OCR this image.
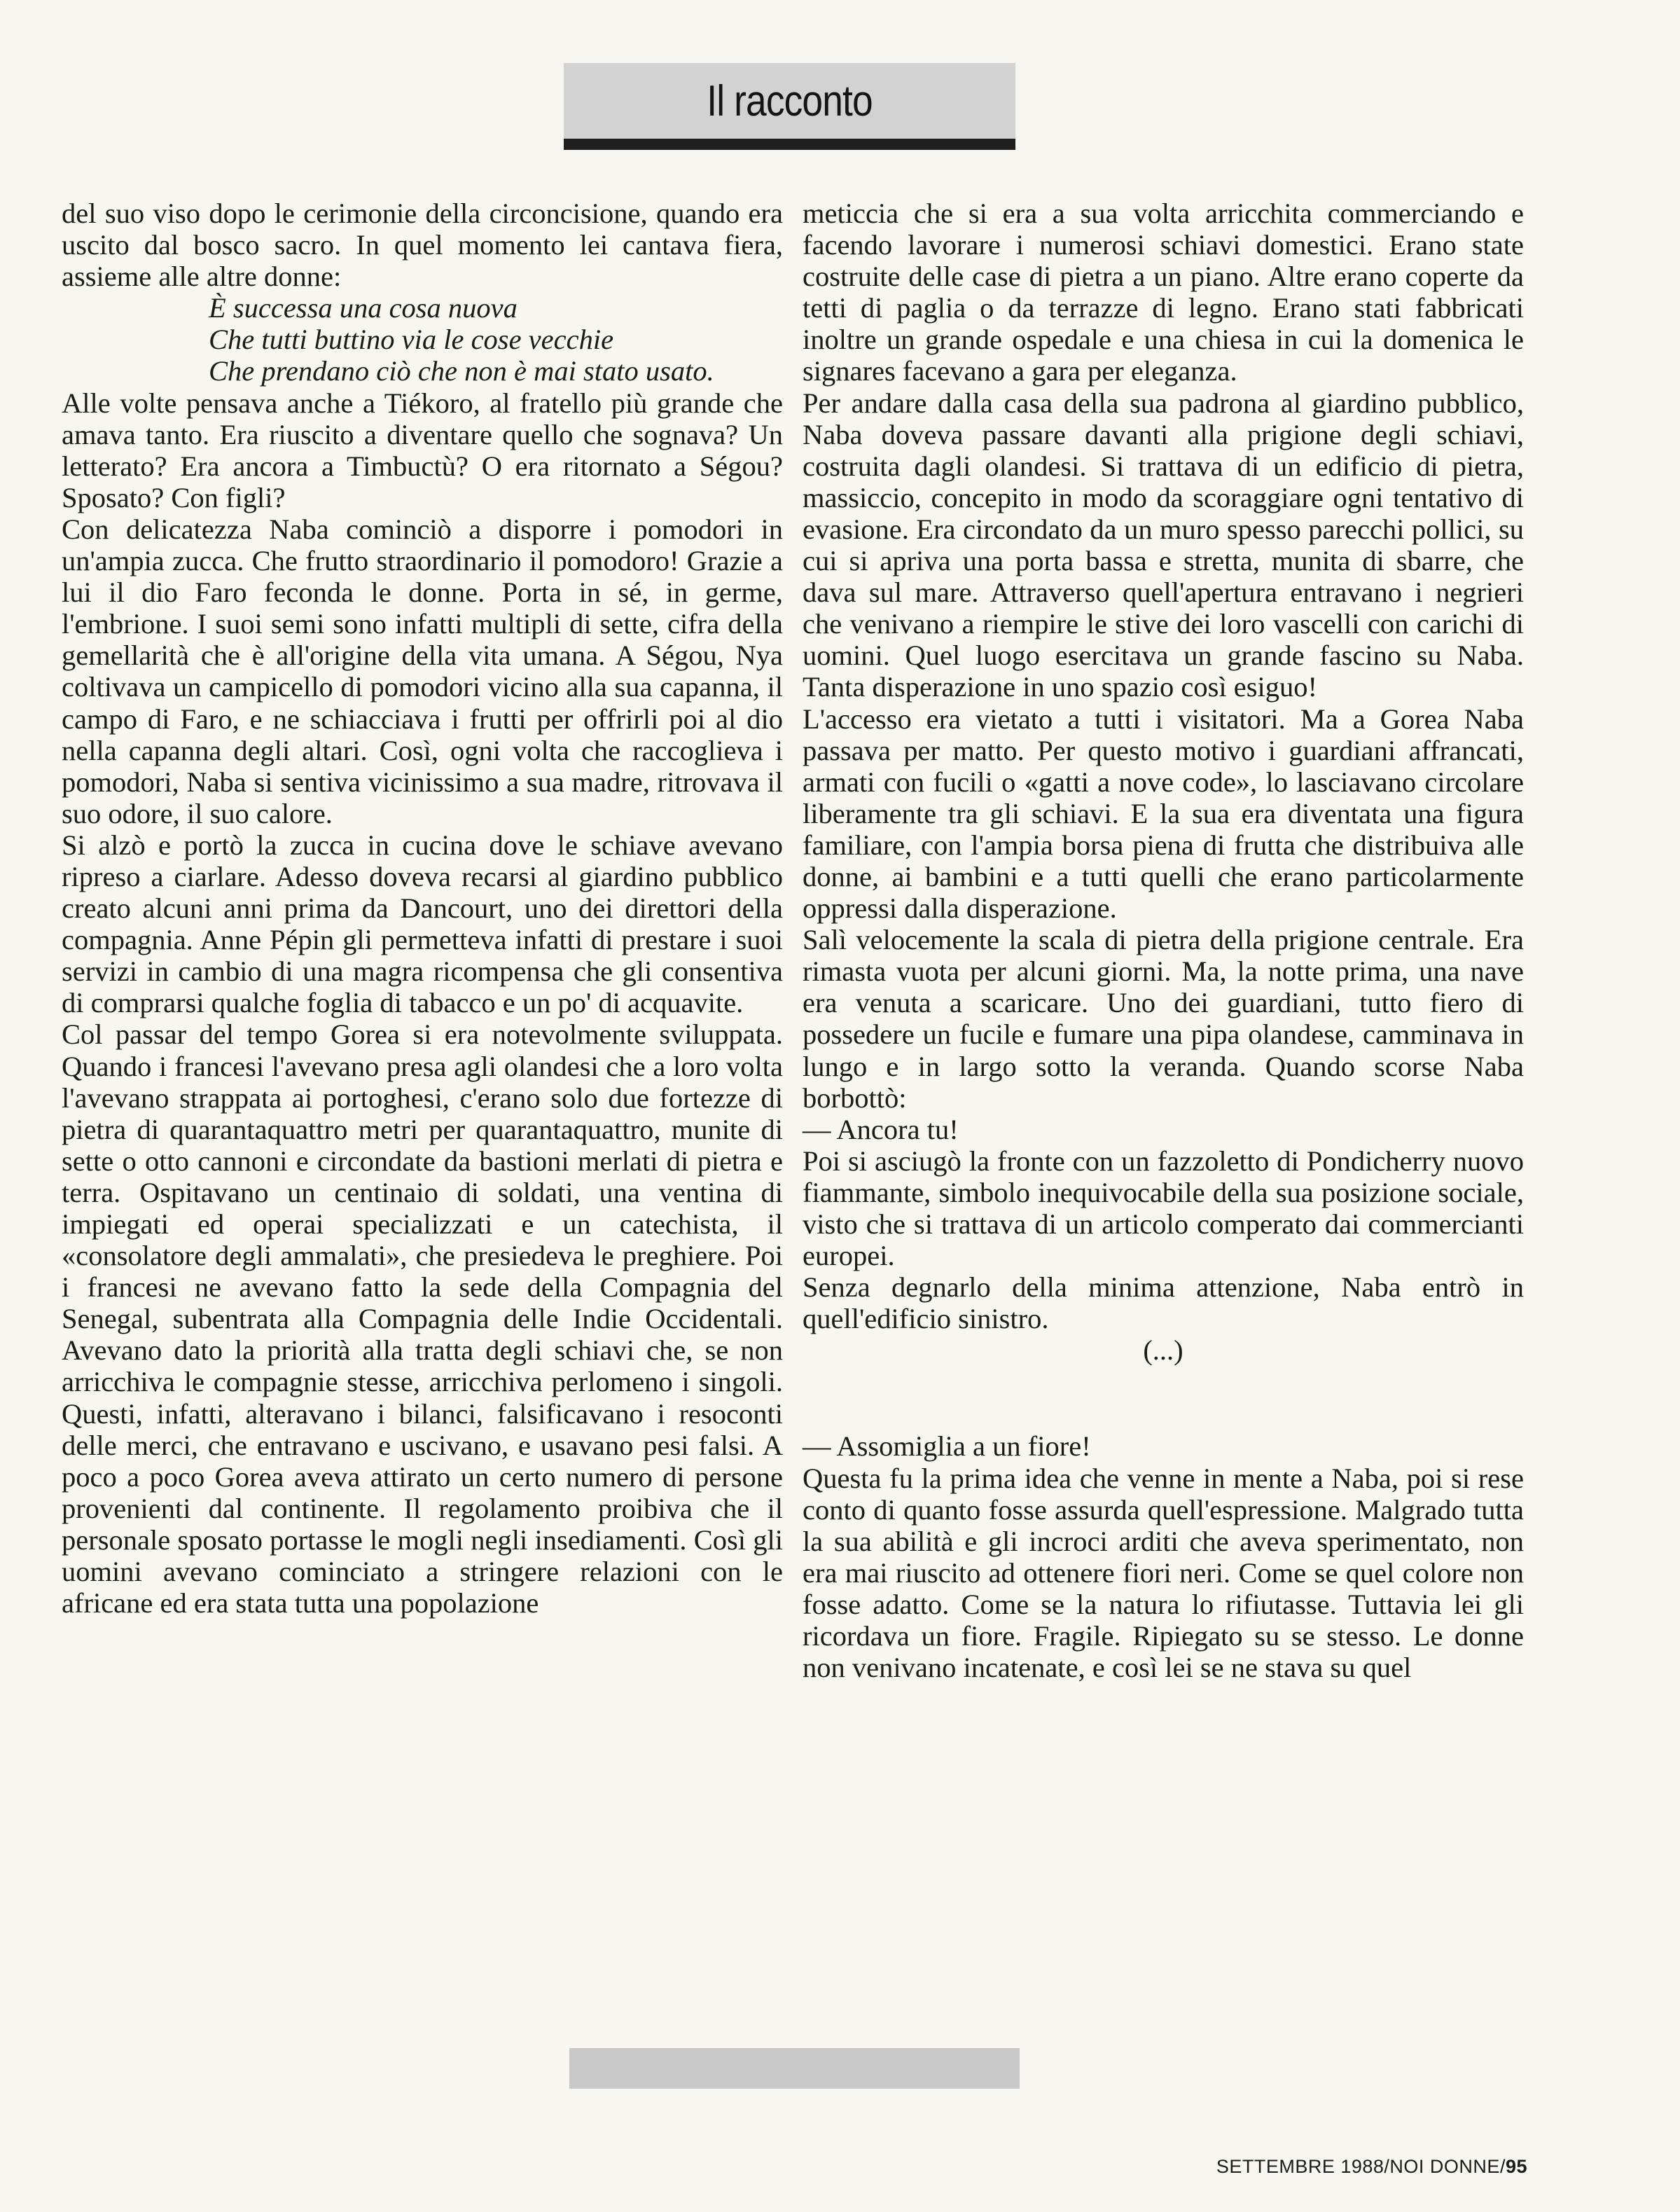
Il racconto

del suo viso dopo le cerimonie della circoncisione, quando era uscito dal bosco sacro. In quel momento lei cantava fiera, assieme alle altre donne:

È successa una cosa nuova

Che tutti buttino via le cose vecchie

Che prendano ciò che non è mai stato usato.

Alle volte pensava anche a Tiékoro, al fratello più grande che amava tanto. Era riuscito a diventare quello che sognava? Un letterato? Era ancora a Timbuctù? O era ritornato a Ségou? Sposato? Con figli?

Con delicatezza Naba cominciò a disporre i pomodori in un'ampia zucca. Che frutto straordinario il pomodoro! Grazie a lui il dio Faro feconda le donne. Porta in sé, in germe, l'embrione. I suoi semi sono infatti multipli di sette, cifra della gemellarità che è all'origine della vita umana. A Ségou, Nya coltivava un campicello di pomodori vicino alla sua capanna, il campo di Faro, e ne schiacciava i frutti per offrirli poi al dio nella capanna degli altari. Così, ogni volta che raccoglieva i pomodori, Naba si sentiva vicinissimo a sua madre, ritrovava il suo odore, il suo calore.

Si alzò e portò la zucca in cucina dove le schiave avevano ripreso a ciarlare. Adesso doveva recarsi al giardino pubblico creato alcuni anni prima da Dancourt, uno dei direttori della compagnia. Anne Pépin gli permetteva infatti di prestare i suoi servizi in cambio di una magra ricompensa che gli consentiva di comprarsi qualche foglia di tabacco e un po' di acquavite.

Col passar del tempo Gorea si era notevolmente sviluppata. Quando i francesi l'avevano presa agli olandesi che a loro volta l'avevano strappata ai portoghesi, c'erano solo due fortezze di pietra di quarantaquattro metri per quarantaquattro, munite di sette o otto cannoni e circondate da bastioni merlati di pietra e terra. Ospitavano un centinaio di soldati, una ventina di impiegati ed operai specializzati e un catechista, il «consolatore degli ammalati», che presiedeva le preghiere. Poi i francesi ne avevano fatto la sede della Compagnia del Senegal, subentrata alla Compagnia delle Indie Occidentali. Avevano dato la priorità alla tratta degli schiavi che, se non arricchiva le compagnie stesse, arricchiva perlomeno i singoli. Questi, infatti, alteravano i bilanci, falsificavano i resoconti delle merci, che entravano e uscivano, e usavano pesi falsi. A poco a poco Gorea aveva attirato un certo numero di persone provenienti dal continente. Il regolamento proibiva che il personale sposato portasse le mogli negli insediamenti. Così gli uomini avevano cominciato a stringere relazioni con le africane ed era stata tutta una popolazione

meticcia che si era a sua volta arricchita commerciando e facendo lavorare i numerosi schiavi domestici. Erano state costruite delle case di pietra a un piano. Altre erano coperte da tetti di paglia o da terrazze di legno. Erano stati fabbricati inoltre un grande ospedale e una chiesa in cui la domenica le signares facevano a gara per eleganza.

Per andare dalla casa della sua padrona al giardino pubblico, Naba doveva passare davanti alla prigione degli schiavi, costruita dagli olandesi. Si trattava di un edificio di pietra, massiccio, concepito in modo da scoraggiare ogni tentativo di evasione. Era circondato da un muro spesso parecchi pollici, su cui si apriva una porta bassa e stretta, munita di sbarre, che dava sul mare. Attraverso quell'apertura entravano i negrieri che venivano a riempire le stive dei loro vascelli con carichi di uomini. Quel luogo esercitava un grande fascino su Naba. Tanta disperazione in uno spazio così esiguo!

L'accesso era vietato a tutti i visitatori. Ma a Gorea Naba passava per matto. Per questo motivo i guardiani affrancati, armati con fucili o «gatti a nove code», lo lasciavano circolare liberamente tra gli schiavi. E la sua era diventata una figura familiare, con l'ampia borsa piena di frutta che distribuiva alle donne, ai bambini e a tutti quelli che erano particolarmente oppressi dalla disperazione.

Salì velocemente la scala di pietra della prigione centrale. Era rimasta vuota per alcuni giorni. Ma, la notte prima, una nave era venuta a scaricare. Uno dei guardiani, tutto fiero di possedere un fucile e fumare una pipa olandese, camminava in lungo e in largo sotto la veranda. Quando scorse Naba borbottò:

— Ancora tu!

Poi si asciugò la fronte con un fazzoletto di Pondicherry nuovo fiammante, simbolo inequivocabile della sua posizione sociale, visto che si trattava di un articolo comperato dai commercianti europei.

Senza degnarlo della minima attenzione, Naba entrò in quell'edificio sinistro.

(...)

— Assomiglia a un fiore!

Questa fu la prima idea che venne in mente a Naba, poi si rese conto di quanto fosse assurda quell'espressione. Malgrado tutta la sua abilità e gli incroci arditi che aveva sperimentato, non era mai riuscito ad ottenere fiori neri. Come se quel colore non fosse adatto. Come se la natura lo rifiutasse. Tuttavia lei gli ricordava un fiore. Fragile. Ripiegato su se stesso. Le donne non venivano incatenate, e così lei se ne stava su quel

SETTEMBRE 1988/NOI DONNE/95
